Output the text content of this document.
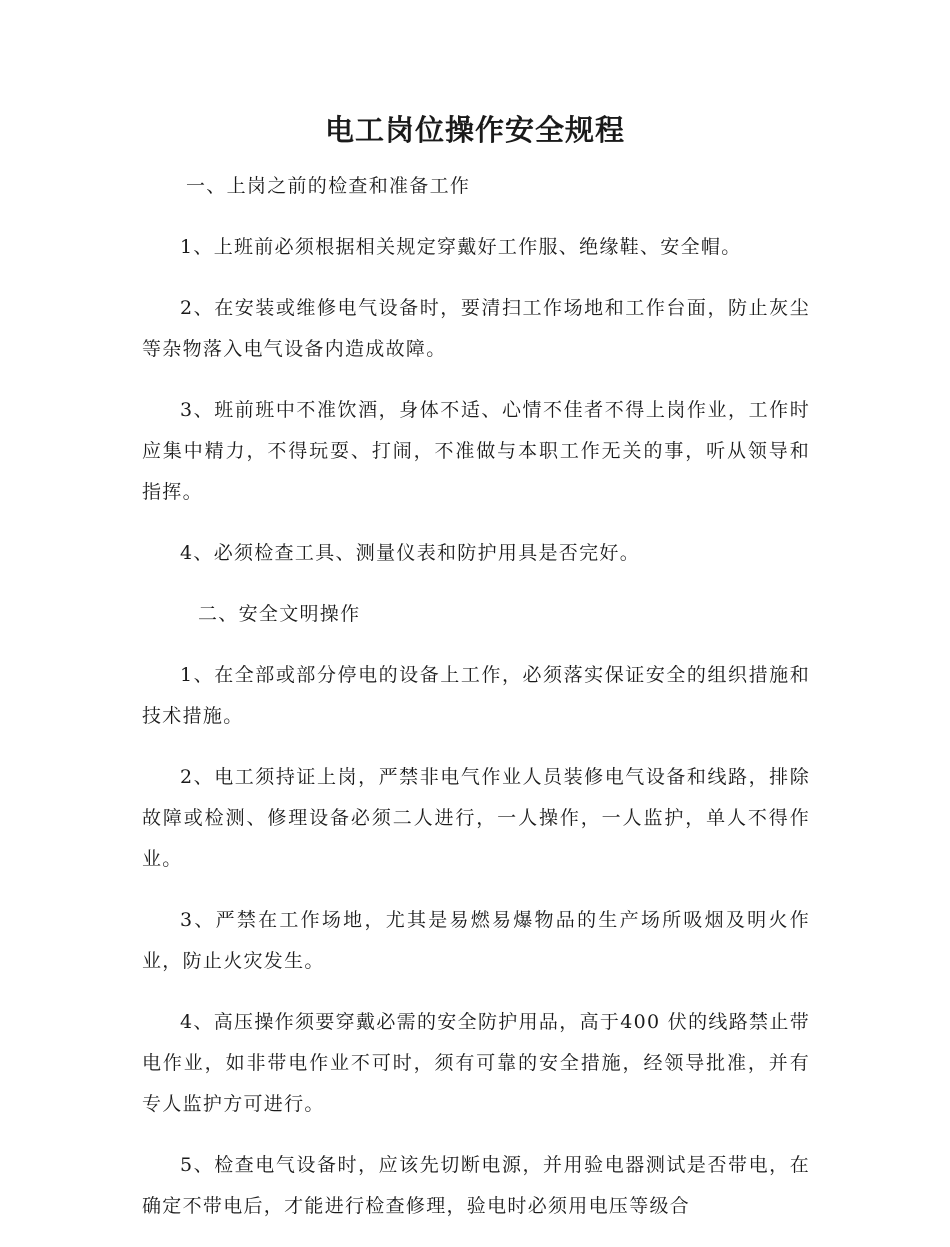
电工岗位操作安全规程
一、上岗之前的检查和准备工作

1、上班前必须根据相关规定穿戴好工作服、绝缘鞋、安全帽。

2、在安装或维修电气设备时，要清扫工作场地和工作台面，防止灰尘等杂物落入电气设备内造成故障。

3、班前班中不准饮酒，身体不适、心情不佳者不得上岗作业，工作时应集中精力，不得玩耍、打闹，不准做与本职工作无关的事，听从领导和指挥。

4、必须检查工具、测量仪表和防护用具是否完好。

二、安全文明操作

1、在全部或部分停电的设备上工作，必须落实保证安全的组织措施和技术措施。

2、电工须持证上岗，严禁非电气作业人员装修电气设备和线路，排除故障或检测、修理设备必须二人进行，一人操作，一人监护，单人不得作业。

3、严禁在工作场地，尤其是易燃易爆物品的生产场所吸烟及明火作业，防止火灾发生。

4、高压操作须要穿戴必需的安全防护用品，高于400 伏的线路禁止带电作业，如非带电作业不可时，须有可靠的安全措施，经领导批准，并有专人监护方可进行。

5、检查电气设备时，应该先切断电源，并用验电器测试是否带电，在确定不带电后，才能进行检查修理，验电时必须用电压等级合
